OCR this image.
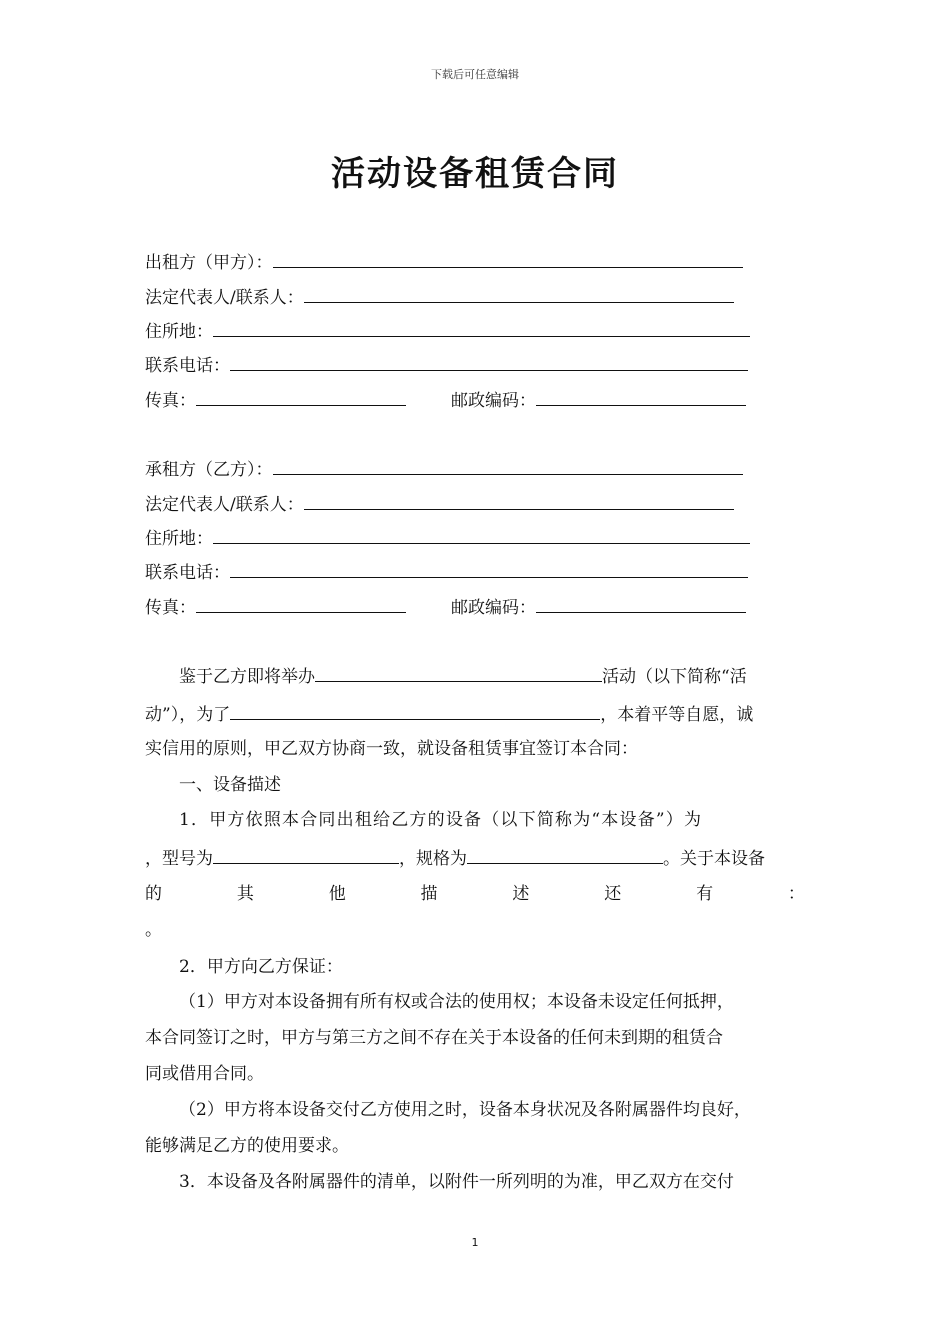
下载后可任意编辑
活动设备租赁合同
出租方（甲方）：
法定代表人/联系人：
住所地：
联系电话：
传真：	邮政编码：
承租方（乙方）：
法定代表人/联系人：
住所地：
联系电话：
传真：	邮政编码：
鉴于乙方即将举办	活动（以下简称“活
动”），为了	，本着平等自愿，诚
实信用的原则，甲乙双方协商一致，就设备租赁事宜签订本合同：
一、设备描述
1．甲方依照本合同出租给乙方的设备（以下简称为“本设备”）为
，型号为	，规格为	。关于本设备
的	其	他	描	述	还	有	：
。
2．甲方向乙方保证：
（1）甲方对本设备拥有所有权或合法的使用权；本设备未设定任何抵押，
本合同签订之时，甲方与第三方之间不存在关于本设备的任何未到期的租赁合
同或借用合同。
（2）甲方将本设备交付乙方使用之时，设备本身状况及各附属器件均良好，
能够满足乙方的使用要求。
3．本设备及各附属器件的清单，以附件一所列明的为准，甲乙双方在交付
1
